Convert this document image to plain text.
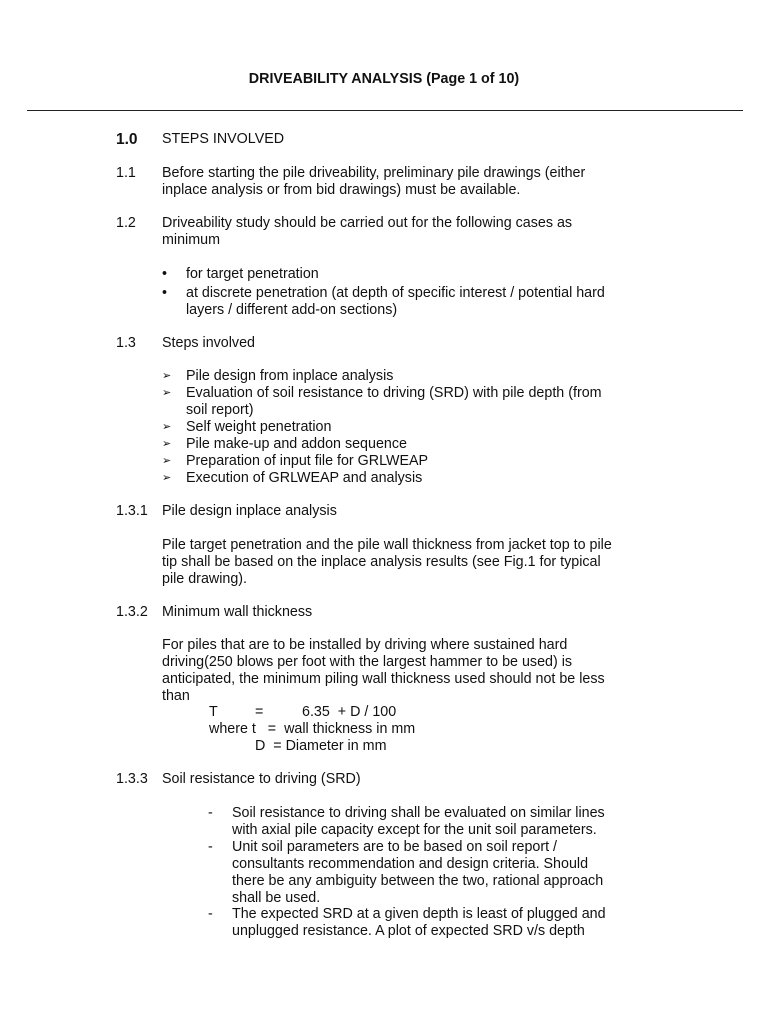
DRIVEABILITY ANALYSIS (Page 1 of 10)
1.0 STEPS INVOLVED
1.1 Before starting the pile driveability, preliminary pile drawings (either
inplace analysis or from bid drawings) must be available.
1.2 Driveability study should be carried out for the following cases as
minimum
•	for target penetration
•	at discrete penetration (at depth of specific interest / potential hard
layers / different add-on sections)
1.3 Steps involved
➢	Pile design from inplace analysis
➢	Evaluation of soil resistance to driving (SRD) with pile depth (from
soil report)
➢	Self weight penetration
➢	Pile make-up and addon sequence
➢	Preparation of input file for GRLWEAP
➢	Execution of GRLWEAP and analysis
1.3.1 Pile design inplace analysis
Pile target penetration and the pile wall thickness from jacket top to pile
tip shall be based on the inplace analysis results (see Fig.1 for typical
pile drawing).
1.3.2 Minimum wall thickness
For piles that are to be installed by driving where sustained hard
driving(250 blows per foot with the largest hammer to be used) is
anticipated, the minimum piling wall thickness used should not be less
than
T	=	6.35  + D / 100
where t   =  wall thickness in mm
D  = Diameter in mm
1.3.3 Soil resistance to driving (SRD)
- Soil resistance to driving shall be evaluated on similar lines
with axial pile capacity except for the unit soil parameters.
- Unit soil parameters are to be based on soil report /
consultants recommendation and design criteria. Should
there be any ambiguity between the two, rational approach
shall be used.
- The expected SRD at a given depth is least of plugged and
unplugged resistance. A plot of expected SRD v/s depth
